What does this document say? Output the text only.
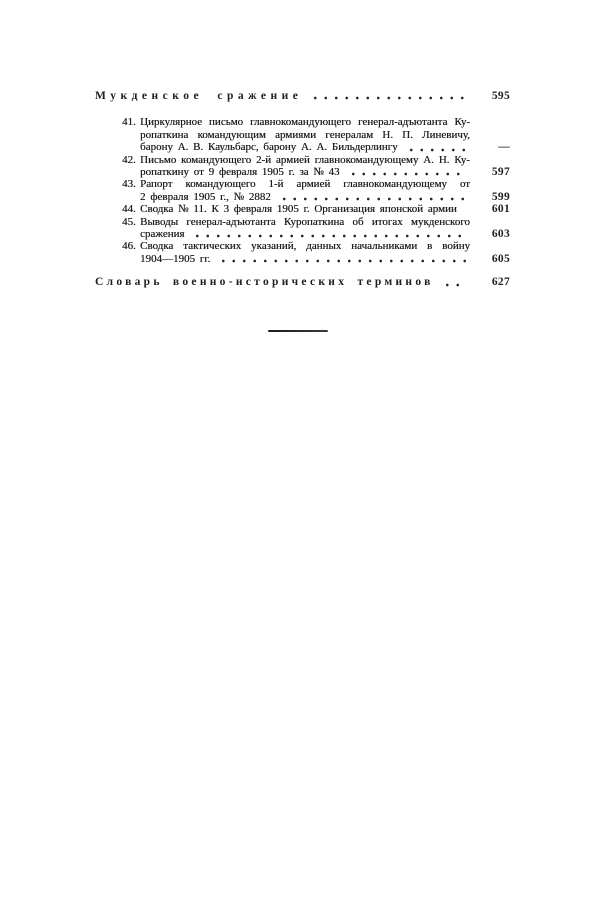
Мукденское сражение	595
41. Циркулярное письмо главнокомандующего генерал-адъютанта Ку-
ропаткина командующим армиями генералам Н. П. Линевичу,
барону А. В. Каульбарс, барону А. А. Бильдерлингу	—
42. Письмо командующего 2-й армией главнокомандующему А. Н. Ку-
ропаткину от 9 февраля 1905 г. за № 43	597
43. Рапорт командующего 1-й армией главнокомандующему от
2 февраля 1905 г., № 2882	599
44. Сводка № 11. К 3 февраля 1905 г. Организация японской армии	601
45. Выводы генерал-адъютанта Куропаткина об итогах мукденского
сражения	603
46. Сводка тактических указаний, данных начальниками в войну
1904—1905 гг.	605
Словарь военно-исторических терминов	627
